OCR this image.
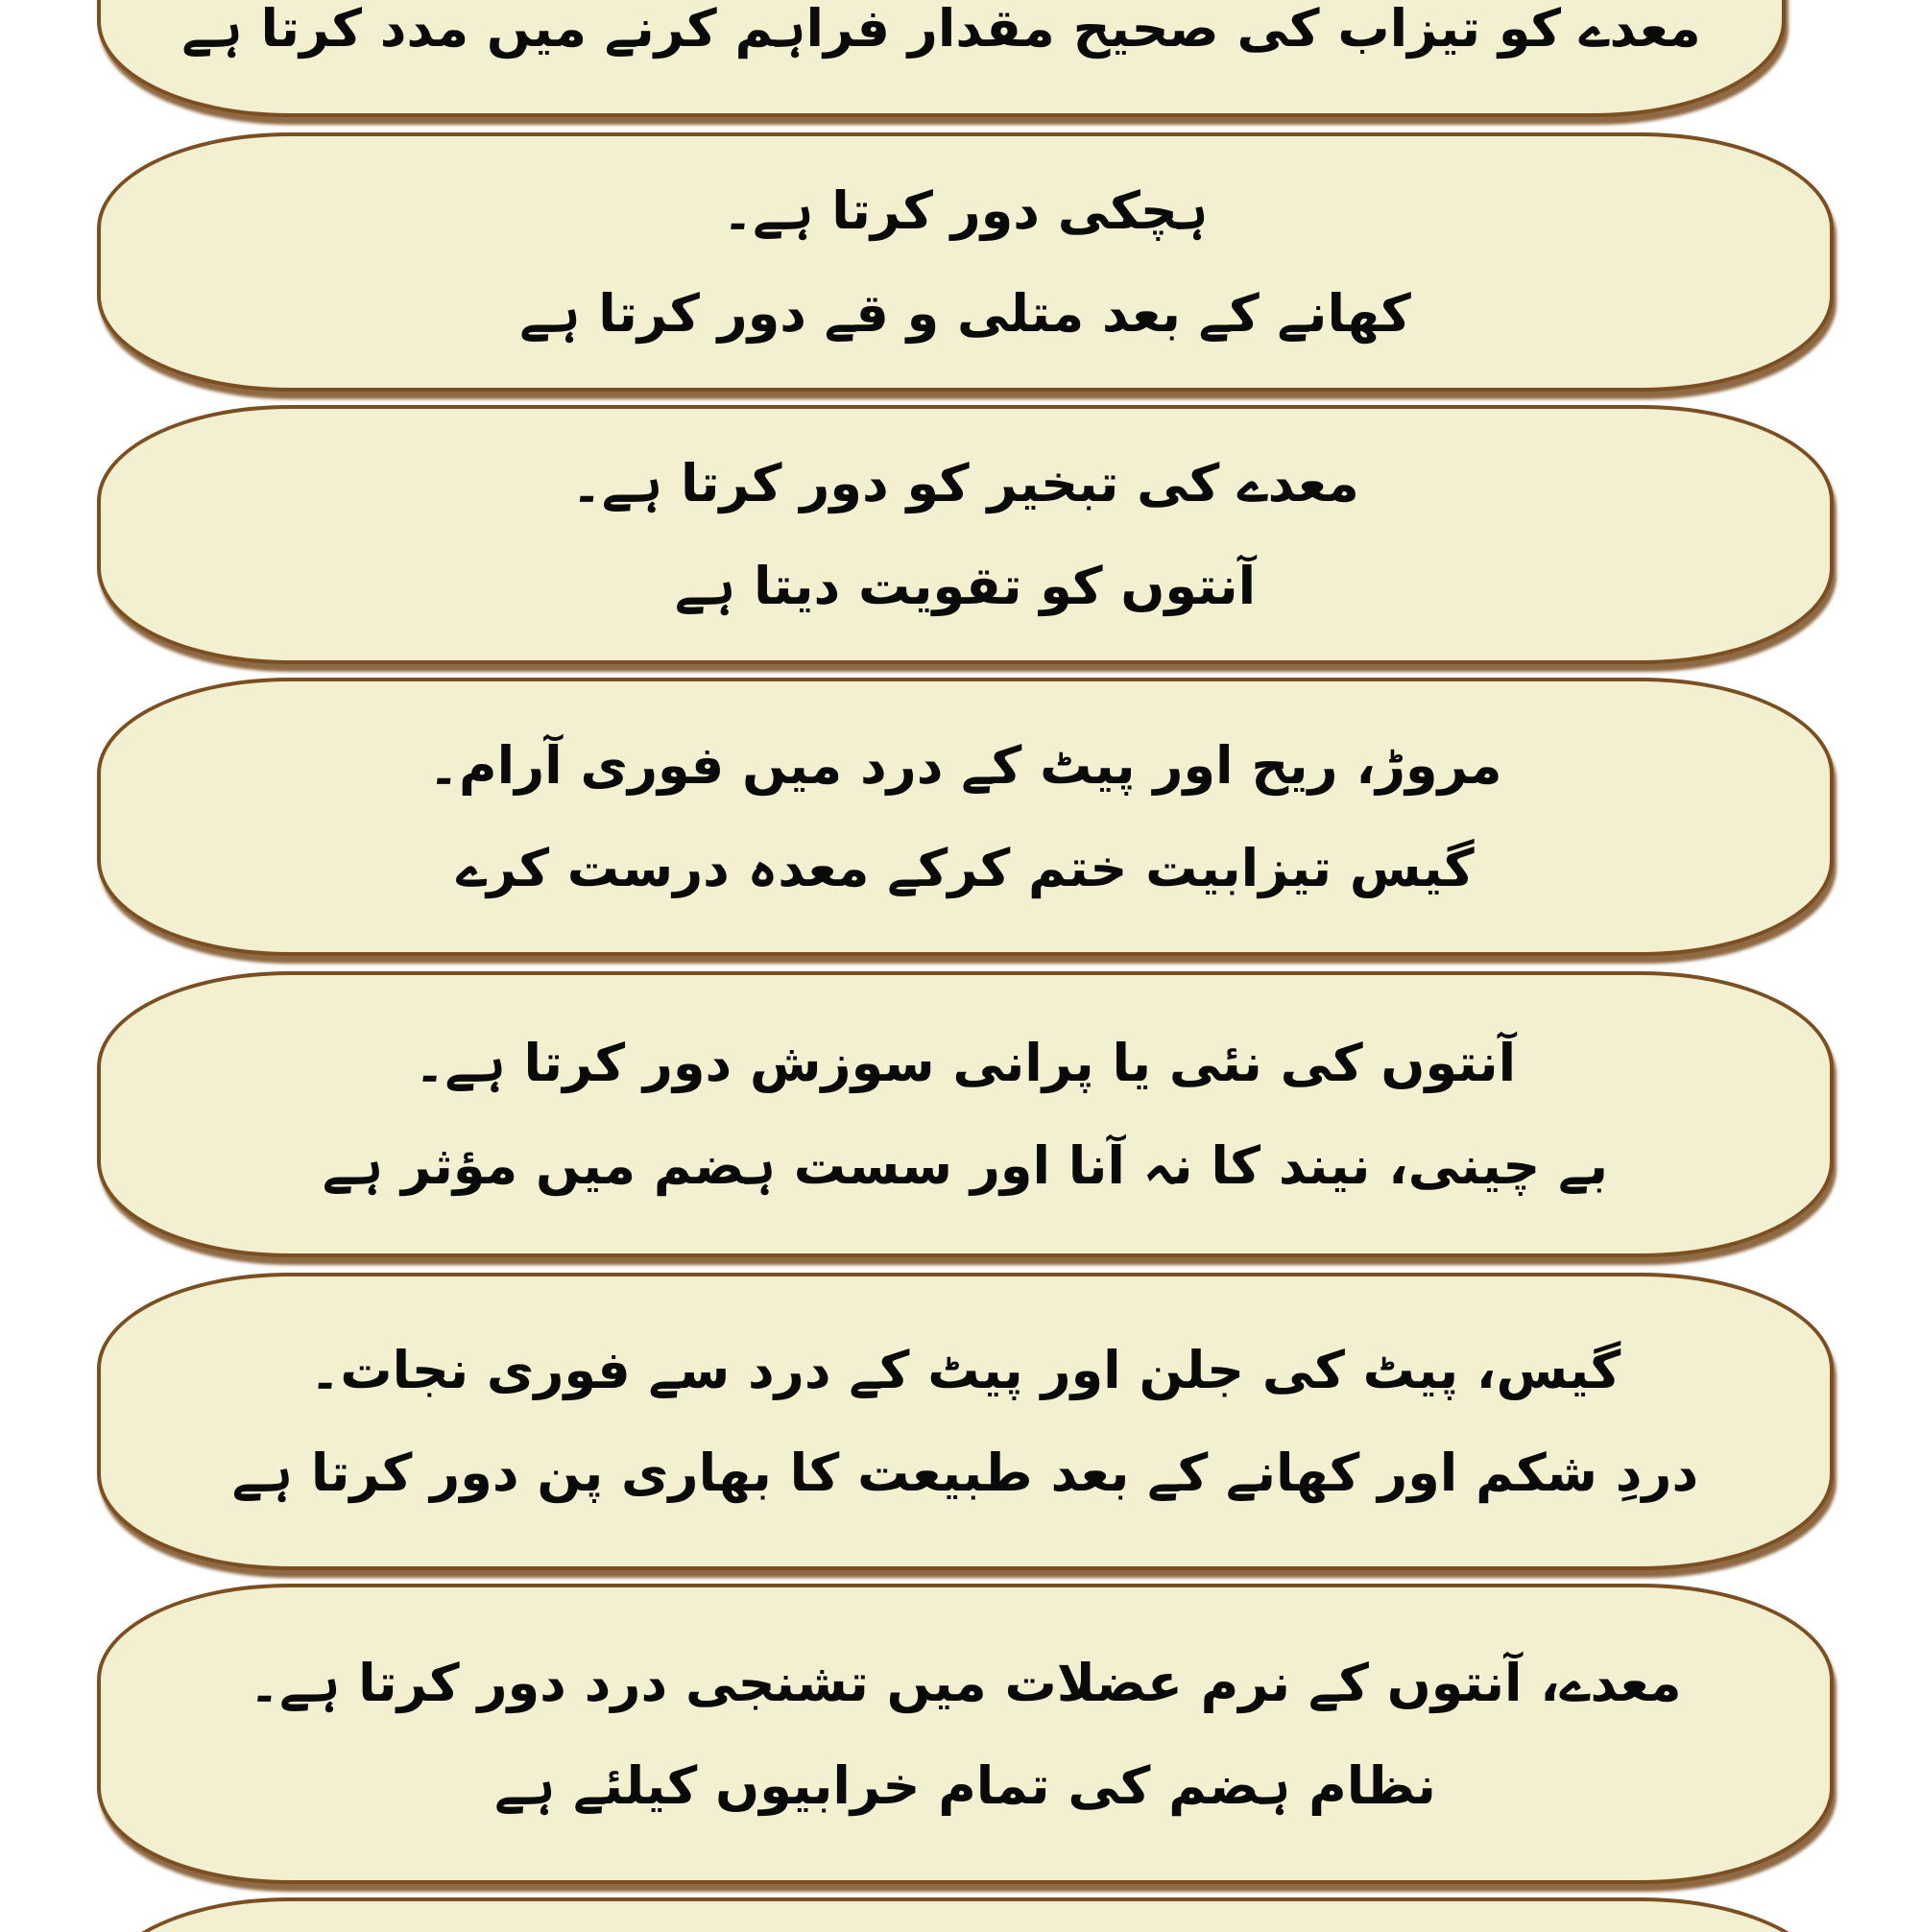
معدے کو تیزاب کی صحیح مقدار فراہم کرنے میں مدد کرتا ہے
ہچکی دور کرتا ہے۔
کھانے کے بعد متلی و قے دور کرتا ہے
معدے کی تبخیر کو دور کرتا ہے۔
آنتوں کو تقویت دیتا ہے
مروڑ، ریح اور پیٹ کے درد میں فوری آرام۔
گیس تیزابیت ختم کرکے معدہ درست کرے
آنتوں کی نئی یا پرانی سوزش دور کرتا ہے۔
بے چینی، نیند کا نہ آنا اور سست ہضم میں مؤثر ہے
گیس، پیٹ کی جلن اور پیٹ کے درد سے فوری نجات۔
دردِ شکم اور کھانے کے بعد طبیعت کا بھاری پن دور کرتا ہے
معدے، آنتوں کے نرم عضلات میں تشنجی درد دور کرتا ہے۔
نظام ہضم کی تمام خرابیوں کیلئے ہے
